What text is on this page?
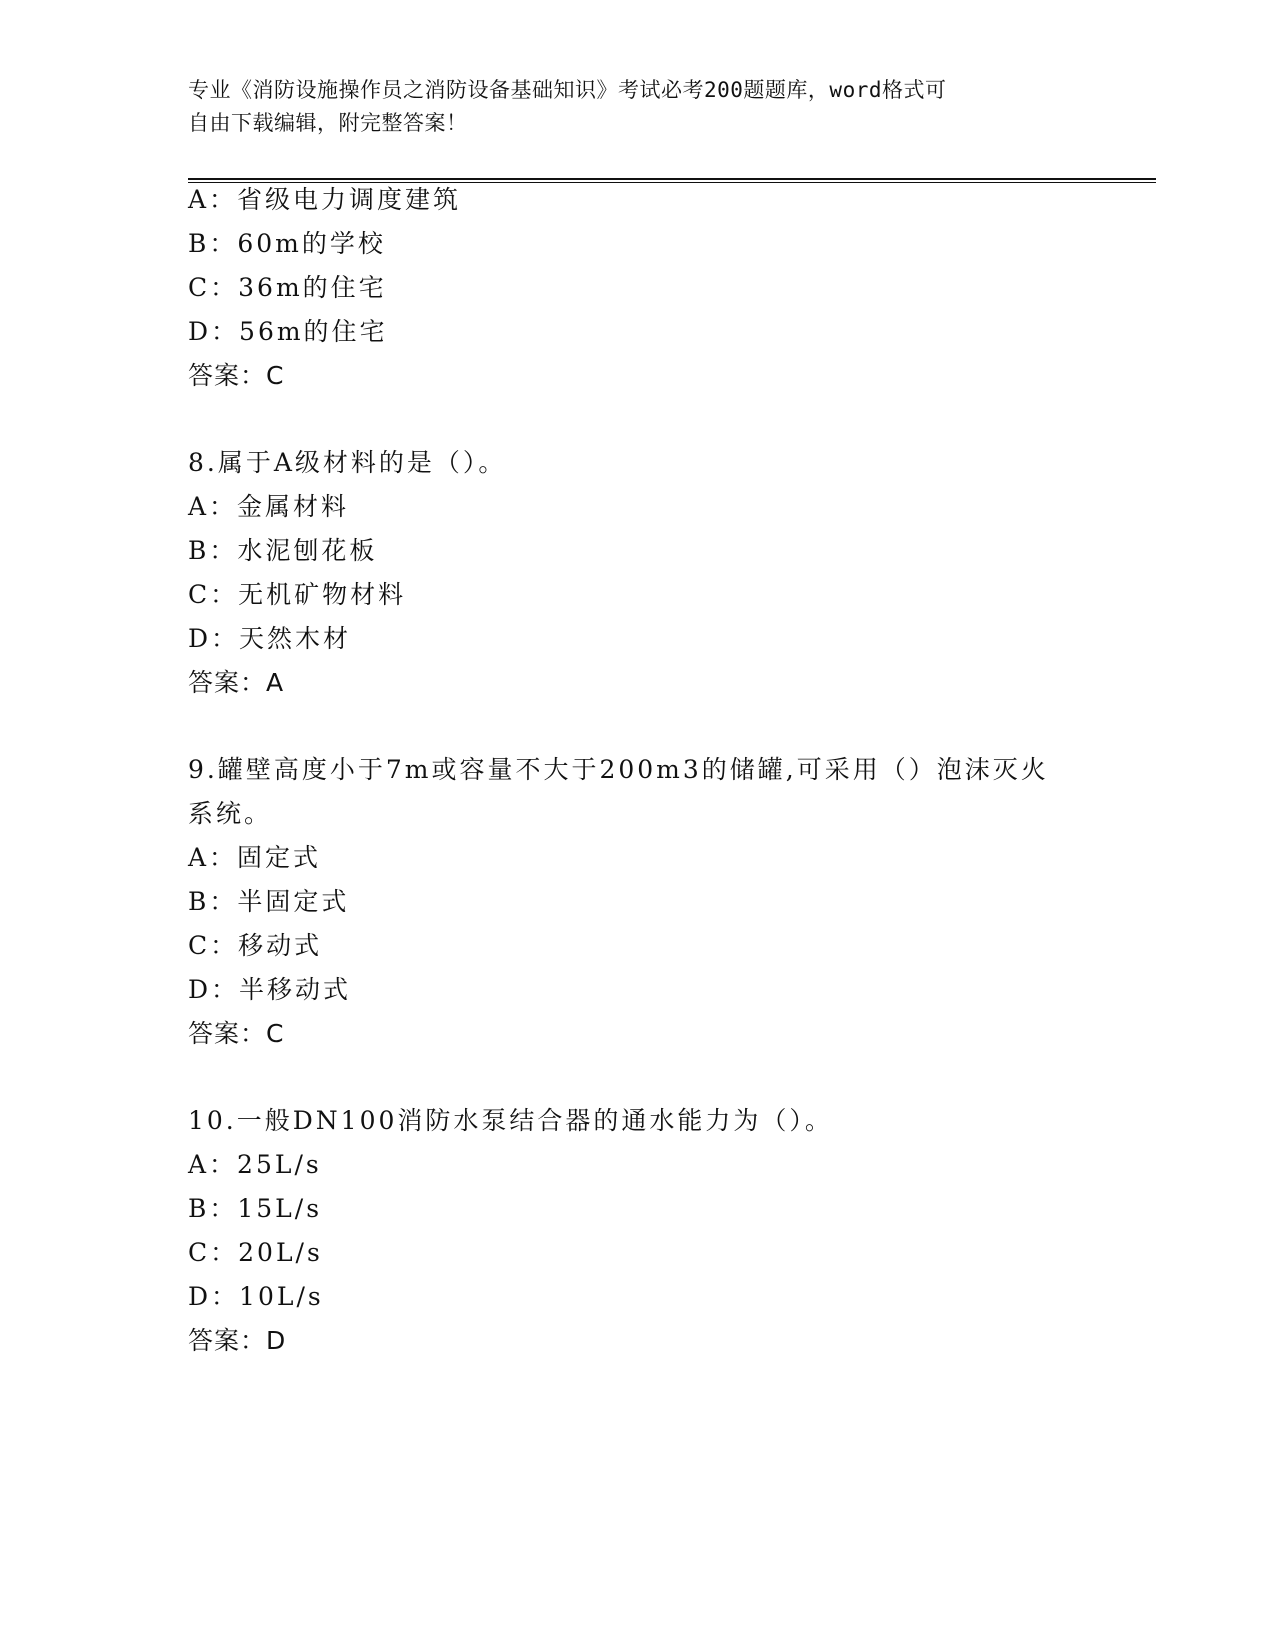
专业《消防设施操作员之消防设备基础知识》考试必考200题题库，word格式可
自由下载编辑，附完整答案！
A：省级电力调度建筑
B：60m的学校
C：36m的住宅
D：56m的住宅
答案：C
8.属于A级材料的是（）。
A：金属材料
B：水泥刨花板
C：无机矿物材料
D：天然木材
答案：A
9.罐壁高度小于7m或容量不大于200m3的储罐,可采用（）泡沫灭火
系统。
A：固定式
B：半固定式
C：移动式
D：半移动式
答案：C
10.一般DN100消防水泵结合器的通水能力为（）。
A：25L/s
B：15L/s
C：20L/s
D：10L/s
答案：D
